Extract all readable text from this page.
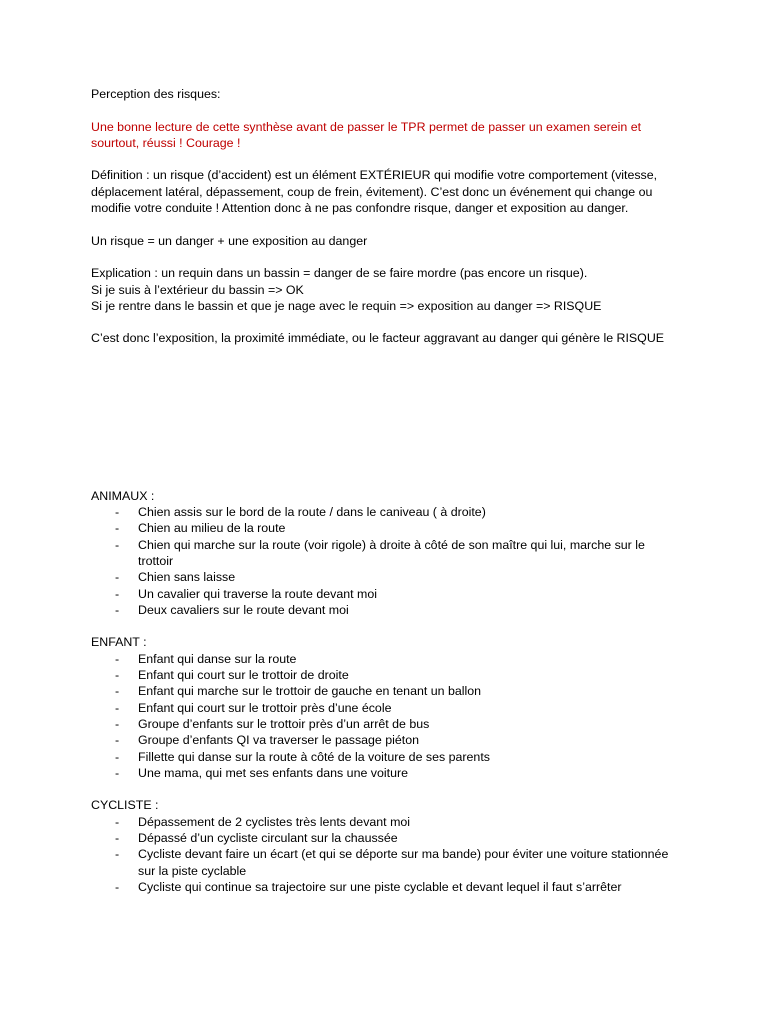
Perception des risques:

Une bonne lecture de cette synthèse avant de passer le TPR permet de passer un examen serein et sourtout, réussi ! Courage !

Définition : un risque (d’accident) est un élément EXTÉRIEUR qui modifie votre comportement (vitesse, déplacement latéral, dépassement, coup de frein, évitement). C’est donc un événement qui change ou modifie votre conduite ! Attention donc à ne pas confondre risque, danger et exposition au danger.

Un risque = un danger + une exposition au danger

Explication : un requin dans un bassin = danger de se faire mordre (pas encore un risque).

Si je suis à l’extérieur du bassin => OK

Si je rentre dans le bassin et que je nage avec le requin => exposition au danger => RISQUE

C’est donc l’exposition, la proximité immédiate, ou le facteur aggravant au danger qui génère le RISQUE

ANIMAUX :

- Chien assis sur le bord de la route / dans le caniveau ( à droite)
- Chien au milieu de la route
- Chien qui marche sur la route (voir rigole) à droite à côté de son maître qui lui, marche sur le trottoir
- Chien sans laisse
- Un cavalier qui traverse la route devant moi
- Deux cavaliers sur le route devant moi

ENFANT :

- Enfant qui danse sur la route
- Enfant qui court sur le trottoir de droite
- Enfant qui marche sur le trottoir de gauche en tenant un ballon
- Enfant qui court sur le trottoir près d’une école
- Groupe d’enfants sur le trottoir près d’un arrêt de bus
- Groupe d’enfants QI va traverser le passage piéton
- Fillette qui danse sur la route à côté de la voiture de ses parents
- Une mama, qui met ses enfants dans une voiture

CYCLISTE :

- Dépassement de 2 cyclistes très lents devant moi
- Dépassé d’un cycliste circulant sur la chaussée
- Cycliste devant faire un écart (et qui se déporte sur ma bande) pour éviter une voiture stationnée sur la piste cyclable
- Cycliste qui continue sa trajectoire sur une piste cyclable et devant lequel il faut s’arrêter
